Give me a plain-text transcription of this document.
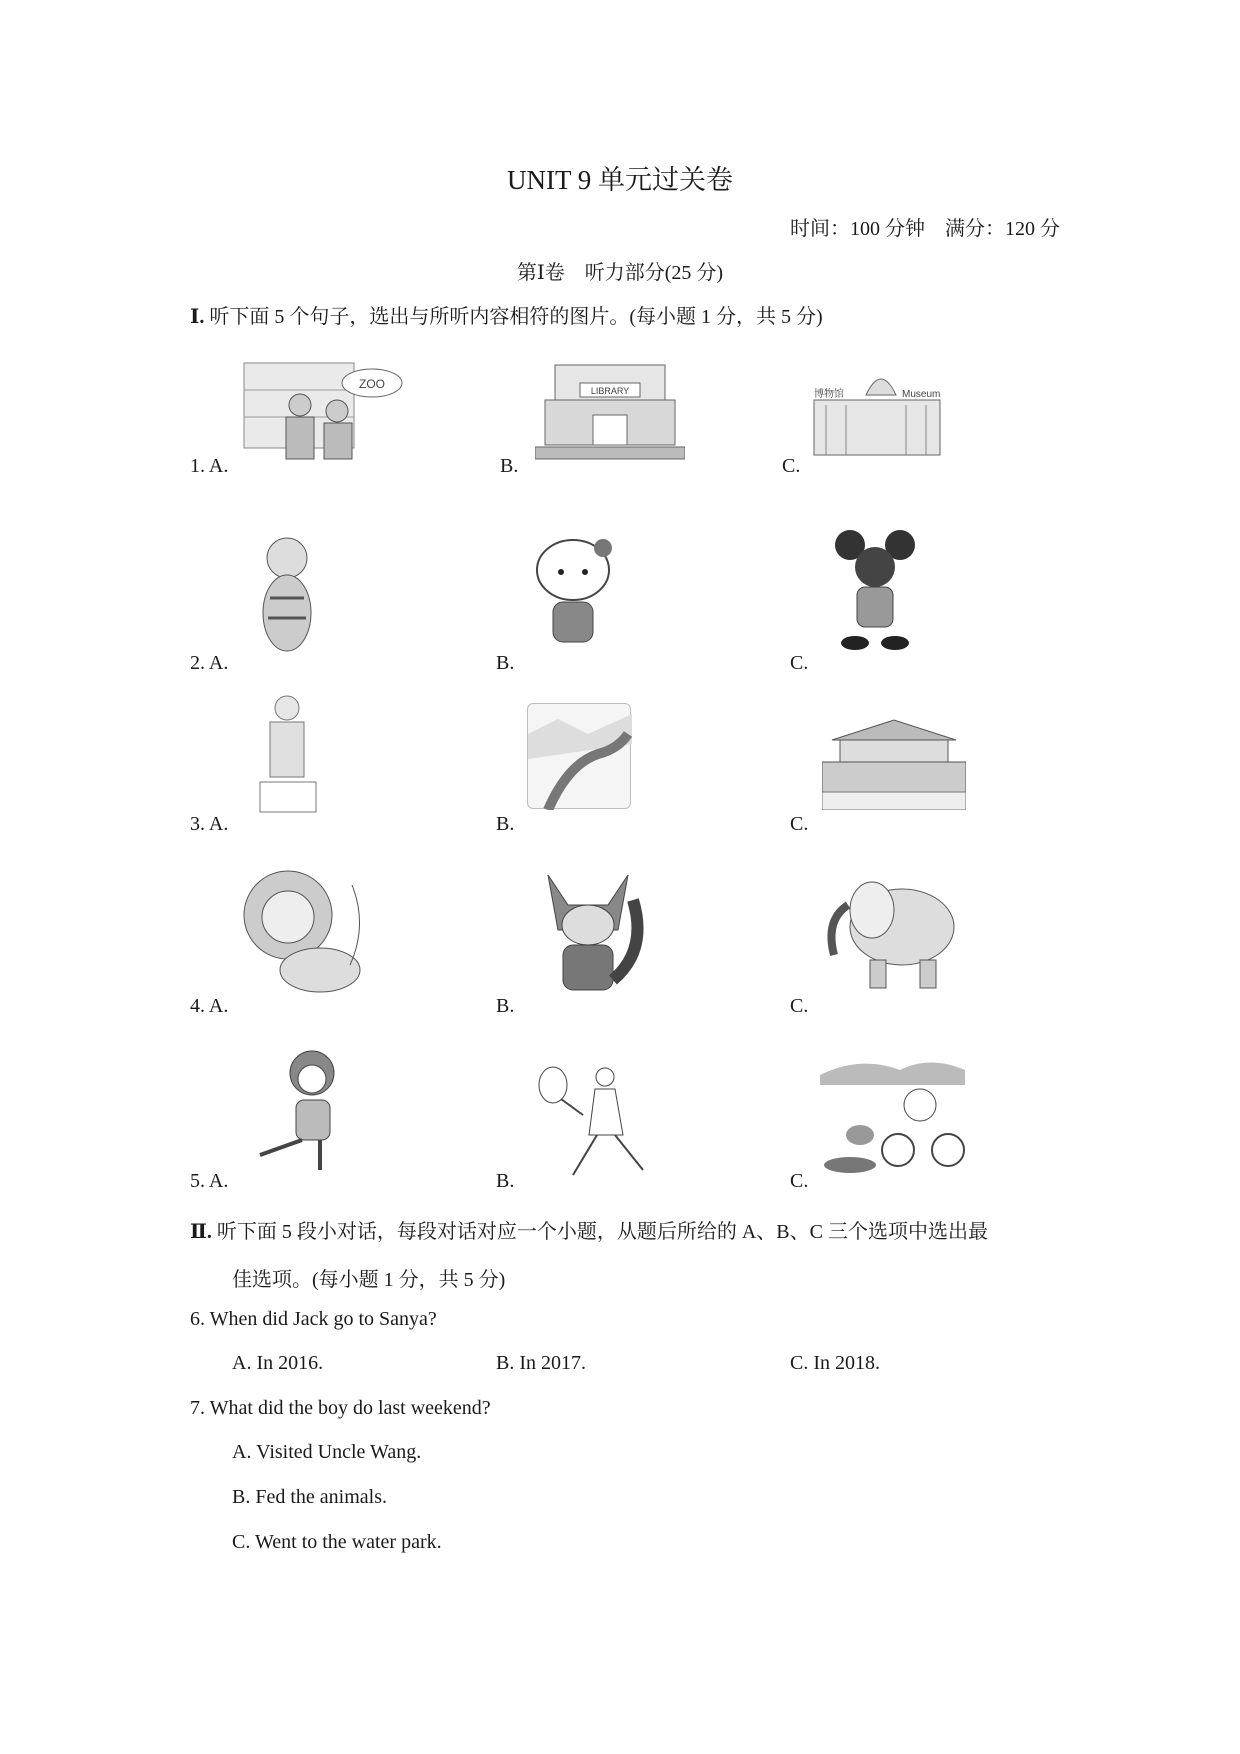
UNIT 9 单元过关卷
时间：100 分钟　满分：120 分
第Ⅰ卷　听力部分(25 分)
Ⅰ. 听下面 5 个句子，选出与所听内容相符的图片。(每小题 1 分，共 5 分)
1. A.	B.	C.
ZOO	LIBRARY	博物馆	Museum
2. A.	B.	C.
3. A.	B.	C.
4. A.	B.	C.
5. A.	B.	C.
Ⅱ. 听下面 5 段小对话，每段对话对应一个小题，从题后所给的 A、B、C 三个选项中选出最
佳选项。(每小题 1 分，共 5 分)
6. When did Jack go to Sanya?
A. In 2016.	B. In 2017.	C. In 2018.
7. What did the boy do last weekend?
A. Visited Uncle Wang.
B. Fed the animals.
C. Went to the water park.
